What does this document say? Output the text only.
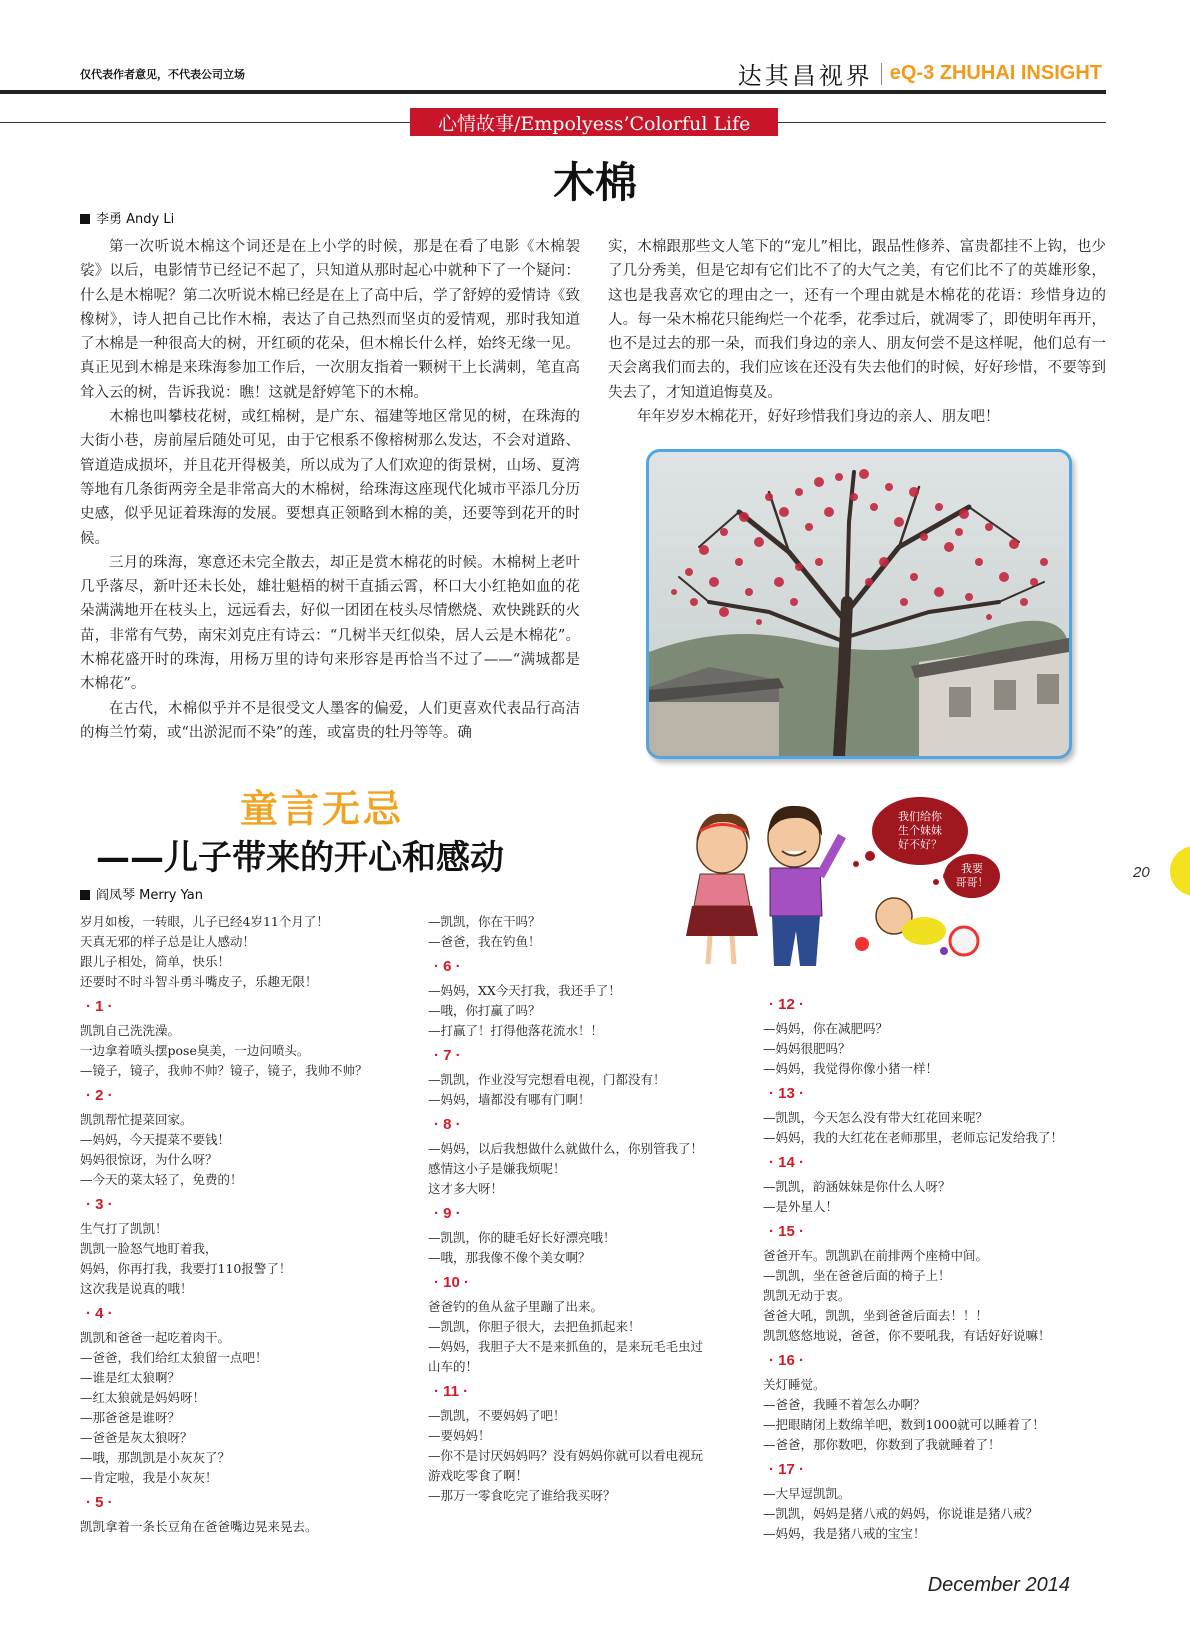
仅代表作者意见，不代表公司立场	达其昌视界 eQ-3 ZHUHAI INSIGHT
心情故事/Empolyess’Colorful Life
木棉
李勇 Andy Li

第一次听说木棉这个词还是在上小学的时候，那是在看了电影《木棉袈裟》以后，电影情节已经记不起了，只知道从那时起心中就种下了一个疑问：什么是木棉呢？第二次听说木棉已经是在上了高中后，学了舒婷的爱情诗《致橡树》，诗人把自己比作木棉，表达了自己热烈而坚贞的爱情观，那时我知道了木棉是一种很高大的树，开红硕的花朵，但木棉长什么样，始终无缘一见。真正见到木棉是来珠海参加工作后，一次朋友指着一颗树干上长满刺，笔直高耸入云的树，告诉我说：瞧！这就是舒婷笔下的木棉。

木棉也叫攀枝花树，或红棉树，是广东、福建等地区常见的树，在珠海的大街小巷，房前屋后随处可见，由于它根系不像榕树那么发达，不会对道路、管道造成损坏，并且花开得极美，所以成为了人们欢迎的街景树，山场、夏湾等地有几条街两旁全是非常高大的木棉树，给珠海这座现代化城市平添几分历史感，似乎见证着珠海的发展。要想真正领略到木棉的美，还要等到花开的时候。

三月的珠海，寒意还未完全散去，却正是赏木棉花的时候。木棉树上老叶几乎落尽，新叶还未长处，雄壮魁梧的树干直插云霄，杯口大小红艳如血的花朵满满地开在枝头上，远远看去，好似一团团在枝头尽情燃烧、欢快跳跃的火苗，非常有气势，南宋刘克庄有诗云：“几树半天红似染，居人云是木棉花”。木棉花盛开时的珠海，用杨万里的诗句来形容是再恰当不过了——“满城都是木棉花”。

在古代，木棉似乎并不是很受文人墨客的偏爱，人们更喜欢代表品行高洁的梅兰竹菊，或“出淤泥而不染”的莲，或富贵的牡丹等等。确

实，木棉跟那些文人笔下的“宠儿”相比，跟品性修养、富贵都挂不上钩，也少了几分秀美，但是它却有它们比不了的大气之美，有它们比不了的英雄形象，这也是我喜欢它的理由之一，还有一个理由就是木棉花的花语：珍惜身边的人。每一朵木棉花只能绚烂一个花季，花季过后，就凋零了，即使明年再开，也不是过去的那一朵，而我们身边的亲人、朋友何尝不是这样呢，他们总有一天会离我们而去的，我们应该在还没有失去他们的时候，好好珍惜，不要等到失去了，才知道追悔莫及。

年年岁岁木棉花开，好好珍惜我们身边的亲人、朋友吧！

童言无忌
——儿子带来的开心和感动
阎凤琴 Merry Yan
我们给你
生个妹妹
好不好？
我要
哥哥！
岁月如梭，一转眼，儿子已经4岁11个月了！
天真无邪的样子总是让人感动！
跟儿子相处，简单，快乐！
还要时不时斗智斗勇斗嘴皮子，乐趣无限！
· 1 ·
凯凯自己洗洗澡。
一边拿着喷头摆pose臭美，一边问喷头。
—镜子，镜子，我帅不帅？镜子，镜子，我帅不帅？
· 2 ·
凯凯帮忙提菜回家。
—妈妈，今天提菜不要钱！
妈妈很惊讶，为什么呀？
—今天的菜太轻了，免费的！
· 3 ·
生气打了凯凯！
凯凯一脸怒气地盯着我，
妈妈，你再打我，我要打110报警了！
这次我是说真的哦！
· 4 ·
凯凯和爸爸一起吃着肉干。
—爸爸，我们给红太狼留一点吧！
—谁是红太狼啊？
—红太狼就是妈妈呀！
—那爸爸是谁呀？
—爸爸是灰太狼呀？
—哦，那凯凯是小灰灰了？
—肯定啦，我是小灰灰！
· 5 ·
凯凯拿着一条长豆角在爸爸嘴边晃来晃去。
—凯凯，你在干吗？
—爸爸，我在钓鱼！
· 6 ·
—妈妈，XX今天打我，我还手了！
—哦，你打赢了吗？
—打赢了！打得他落花流水！！
· 7 ·
—凯凯，作业没写完想看电视，门都没有！
—妈妈，墙都没有哪有门啊！
· 8 ·
—妈妈，以后我想做什么就做什么，你别管我了！
感情这小子是嫌我烦呢！
这才多大呀！
· 9 ·
—凯凯，你的睫毛好长好漂亮哦！
—哦，那我像不像个美女啊？
· 10 ·
爸爸钓的鱼从盆子里蹦了出来。
—凯凯，你胆子很大，去把鱼抓起来！
—妈妈，我胆子大不是来抓鱼的，是来玩毛毛虫过
山车的！
· 11 ·
—凯凯，不要妈妈了吧！
—要妈妈！
—你不是讨厌妈妈吗？没有妈妈你就可以看电视玩
游戏吃零食了啊！
—那万一零食吃完了谁给我买呀？
· 12 ·
—妈妈，你在减肥吗？
—妈妈很肥吗？
—妈妈，我觉得你像小猪一样！
· 13 ·
—凯凯，今天怎么没有带大红花回来呢？
—妈妈，我的大红花在老师那里，老师忘记发给我了！
· 14 ·
—凯凯，韵涵妹妹是你什么人呀？
—是外星人！
· 15 ·
爸爸开车。凯凯趴在前排两个座椅中间。
—凯凯，坐在爸爸后面的椅子上！
凯凯无动于衷。
爸爸大吼，凯凯，坐到爸爸后面去！！！
凯凯悠悠地说，爸爸，你不要吼我，有话好好说嘛！
· 16 ·
关灯睡觉。
—爸爸，我睡不着怎么办啊？
—把眼睛闭上数绵羊吧，数到1000就可以睡着了！
—爸爸，那你数吧，你数到了我就睡着了！
· 17 ·
—大早逗凯凯。
—凯凯，妈妈是猪八戒的妈妈，你说谁是猪八戒？
—妈妈，我是猪八戒的宝宝！
20
December 2014
